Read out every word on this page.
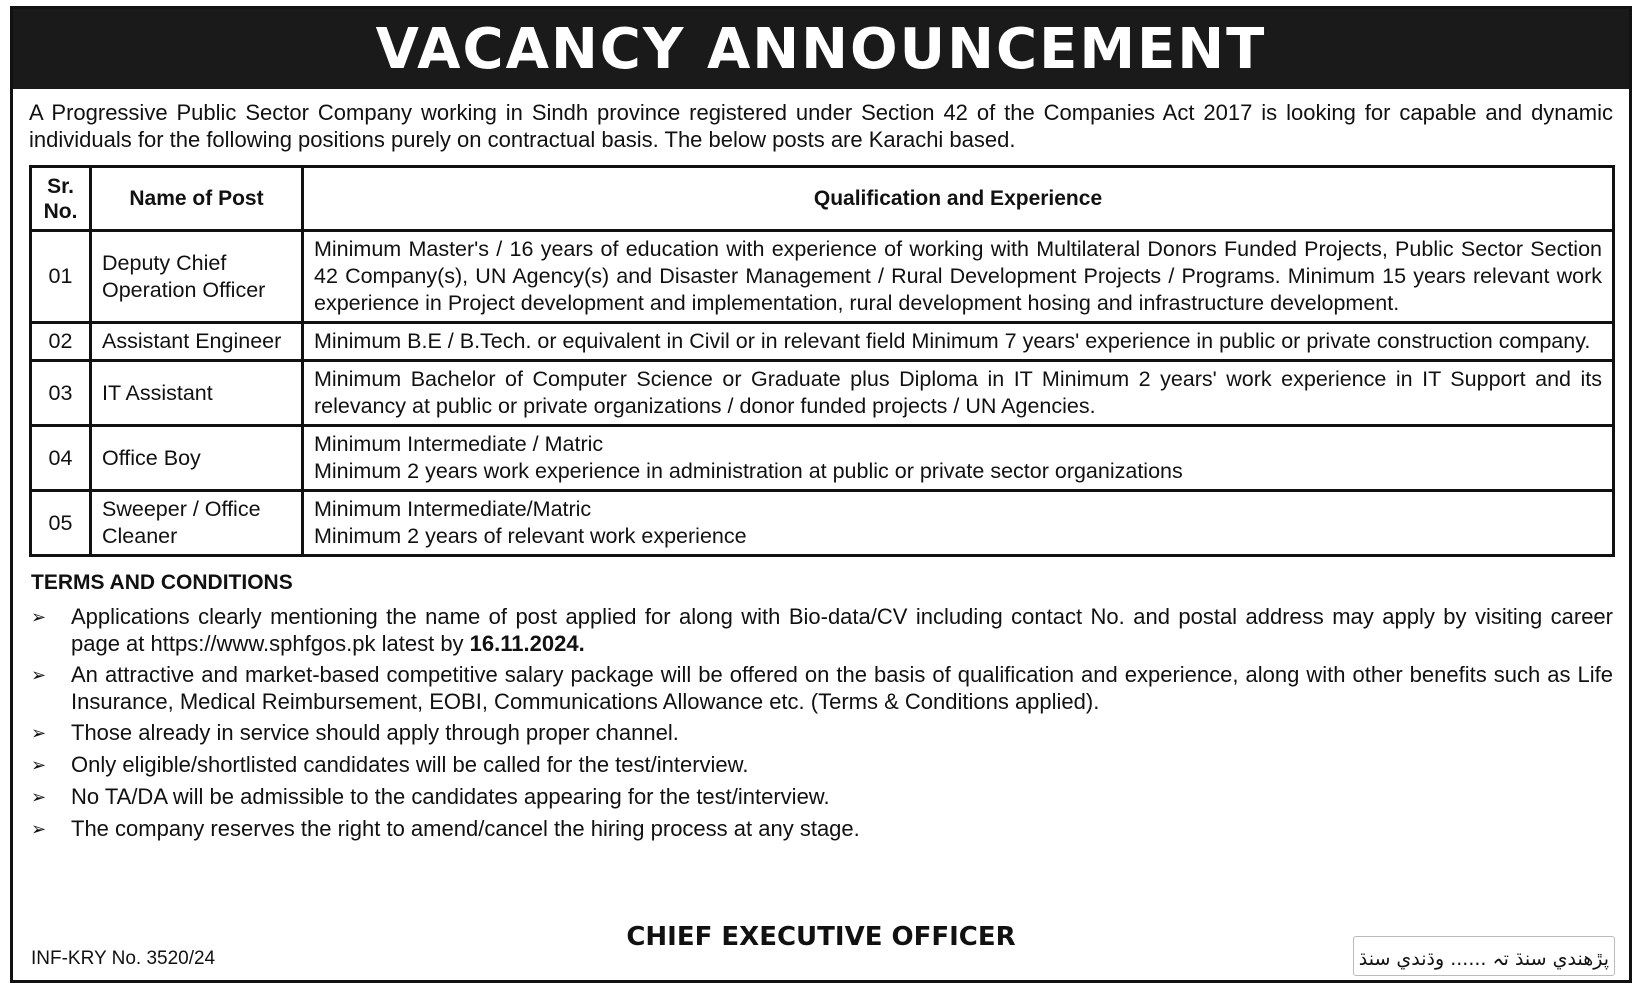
VACANCY ANNOUNCEMENT

A Progressive Public Sector Company working in Sindh province registered under Section 42 of the Companies Act 2017 is looking for capable and dynamic individuals for the following positions purely on contractual basis. The below posts are Karachi based.

Sr. No.	Name of Post	Qualification and Experience
01	Deputy Chief Operation Officer	Minimum Master's / 16 years of education with experience of working with Multilateral Donors Funded Projects, Public Sector Section 42 Company(s), UN Agency(s) and Disaster Management / Rural Development Projects / Programs. Minimum 15 years relevant work experience in Project development and implementation, rural development hosing and infrastructure development.

02	Assistant Engineer	Minimum B.E / B.Tech. or equivalent in Civil or in relevant field Minimum 7 years' experience in public or private construction company.

03	IT Assistant	Minimum Bachelor of Computer Science or Graduate plus Diploma in IT Minimum 2 years' work experience in IT Support and its relevancy at public or private organizations / donor funded projects / UN Agencies.

04	Office Boy	Minimum Intermediate / Matric
Minimum 2 years work experience in administration at public or private sector organizations

05	Sweeper / Office Cleaner	Minimum Intermediate/Matric
Minimum 2 years of relevant work experience
TERMS AND CONDITIONS
➢	Applications clearly mentioning the name of post applied for along with Bio-data/CV including contact No. and postal address may apply by visiting career page at https://www.sphfgos.pk latest by 16.11.2024.
➢	An attractive and market-based competitive salary package will be offered on the basis of qualification and experience, along with other benefits such as Life Insurance, Medical Reimbursement, EOBI, Communications Allowance etc. (Terms & Conditions applied).
➢	Those already in service should apply through proper channel.
➢	Only eligible/shortlisted candidates will be called for the test/interview.
➢	No TA/DA will be admissible to the candidates appearing for the test/interview.
➢	The company reserves the right to amend/cancel the hiring process at any stage.
CHIEF EXECUTIVE OFFICER
INF-KRY No. 3520/24	پڙهندي سنڌ تہ ...... وڌندي سنڌ
